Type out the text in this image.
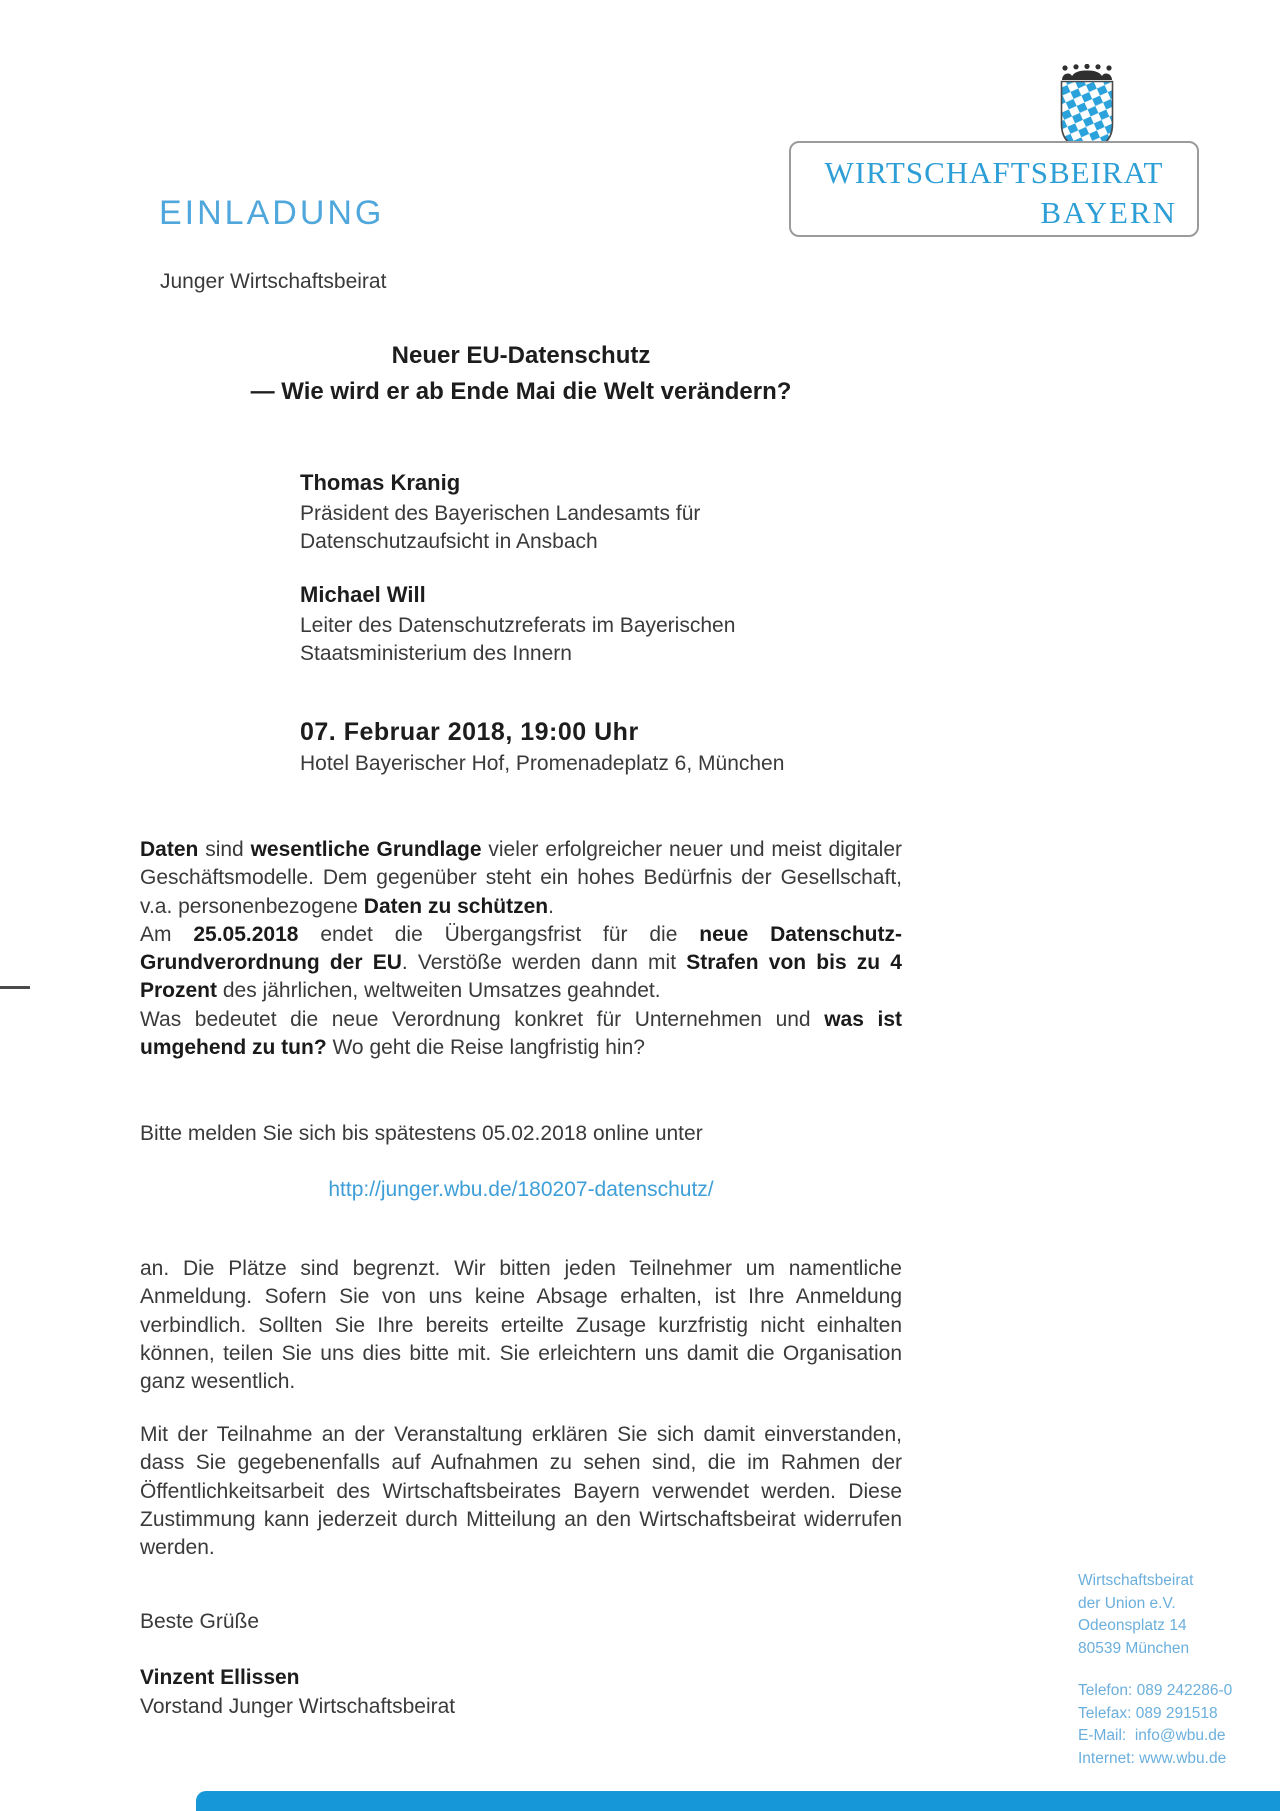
WIRTSCHAFTSBEIRAT
BAYERN
EINLADUNG
Junger Wirtschaftsbeirat
Neuer EU-Datenschutz
— Wie wird er ab Ende Mai die Welt verändern?
Thomas Kranig
Präsident des Bayerischen Landesamts für Datenschutzaufsicht in Ansbach
Michael Will
Leiter des Datenschutzreferats im Bayerischen Staatsministerium des Innern
07. Februar 2018, 19:00 Uhr
Hotel Bayerischer Hof, Promenadeplatz 6, München

Daten sind wesentliche Grundlage vieler erfolgreicher neuer und meist digitaler Geschäftsmodelle. Dem gegenüber steht ein hohes Bedürfnis der Gesellschaft, v.a. personenbezogene Daten zu schützen.

Am 25.05.2018 endet die Übergangsfrist für die neue Datenschutz-Grundverordnung der EU. Verstöße werden dann mit Strafen von bis zu 4 Prozent des jährlichen, weltweiten Umsatzes geahndet.

Was bedeutet die neue Verordnung konkret für Unternehmen und was ist umgehend zu tun? Wo geht die Reise langfristig hin?

Bitte melden Sie sich bis spätestens 05.02.2018 online unter
http://junger.wbu.de/180207-datenschutz/

an. Die Plätze sind begrenzt. Wir bitten jeden Teilnehmer um namentliche Anmeldung. Sofern Sie von uns keine Absage erhalten, ist Ihre Anmeldung verbindlich. Sollten Sie Ihre bereits erteilte Zusage kurzfristig nicht einhalten können, teilen Sie uns dies bitte mit. Sie erleichtern uns damit die Organisation ganz wesentlich.

Mit der Teilnahme an der Veranstaltung erklären Sie sich damit einverstanden, dass Sie gegebenenfalls auf Aufnahmen zu sehen sind, die im Rahmen der Öffentlichkeitsarbeit des Wirtschaftsbeirates Bayern verwendet werden. Diese Zustimmung kann jederzeit durch Mitteilung an den Wirtschaftsbeirat widerrufen werden.

Beste Grüße
Vinzent Ellissen
Vorstand Junger Wirtschaftsbeirat
Wirtschaftsbeirat
der Union e.V.
Odeonsplatz 14
80539 München
Telefon: 089 242286-0
Telefax: 089 291518
E-Mail:  info@wbu.de
Internet: www.wbu.de
